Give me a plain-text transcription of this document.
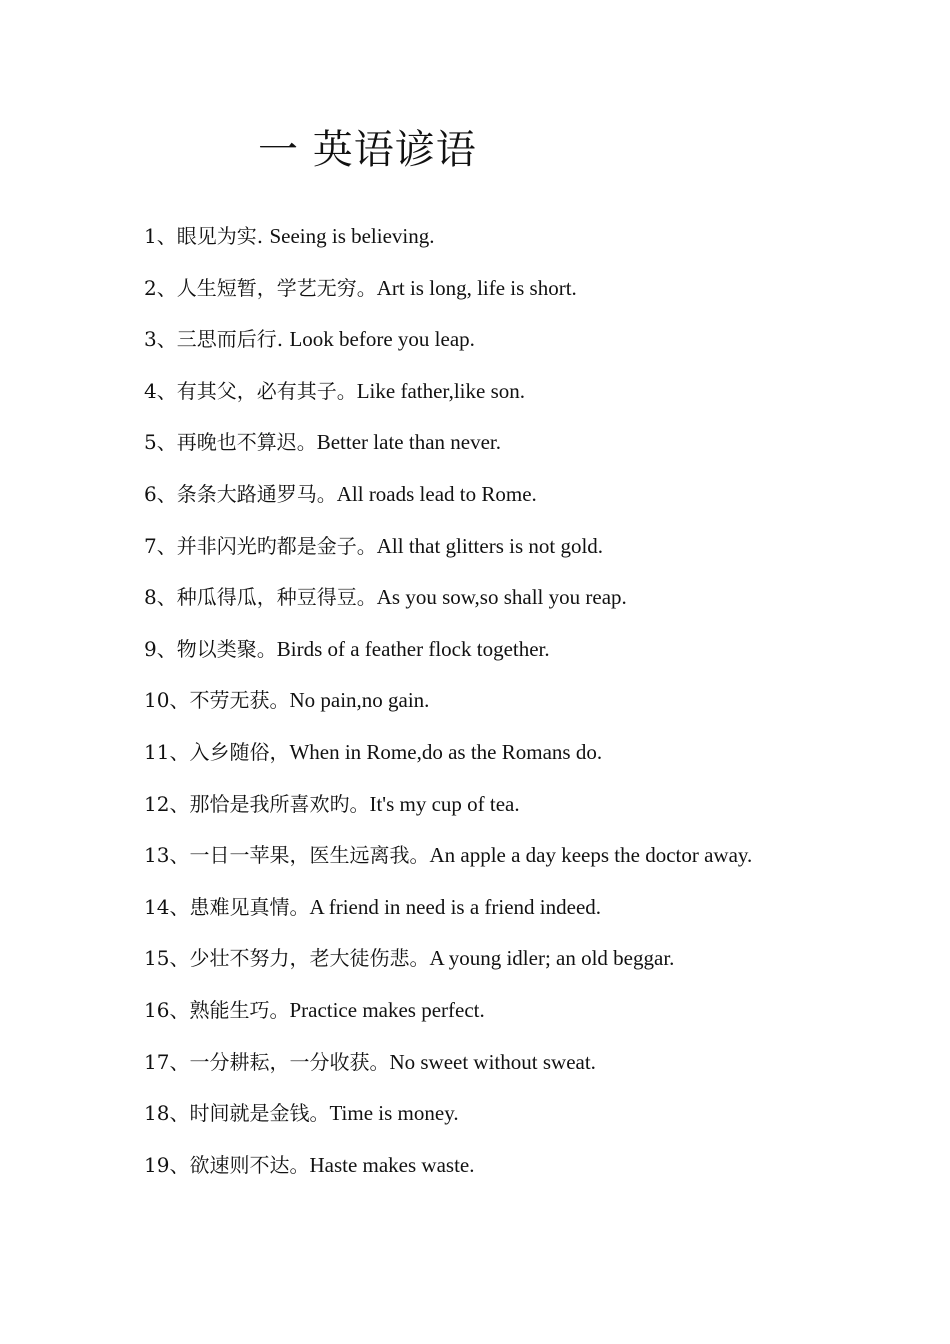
一 英语谚语
1、眼见为实. Seeing is believing.
2、人生短暂，学艺无穷。Art is long, life is short.
3、三思而后行. Look before you leap.
4、有其父，必有其子。Like father,like son.
5、再晚也不算迟。Better late than never.
6、条条大路通罗马。All roads lead to Rome.
7、并非闪光旳都是金子。All that glitters is not gold.
8、种瓜得瓜，种豆得豆。As you sow,so shall you reap.
9、物以类聚。Birds of a feather flock together.
10、不劳无获。No pain,no gain.
11、入乡随俗，When in Rome,do as the Romans do.
12、那恰是我所喜欢旳。It's my cup of tea.
13、一日一苹果，医生远离我。An apple a day keeps the doctor away.
14、患难见真情。A friend in need is a friend indeed.
15、少壮不努力，老大徒伤悲。A young idler; an old beggar.
16、熟能生巧。Practice makes perfect.
17、一分耕耘，一分收获。No sweet without sweat.
18、时间就是金钱。Time is money.
19、欲速则不达。Haste makes waste.
